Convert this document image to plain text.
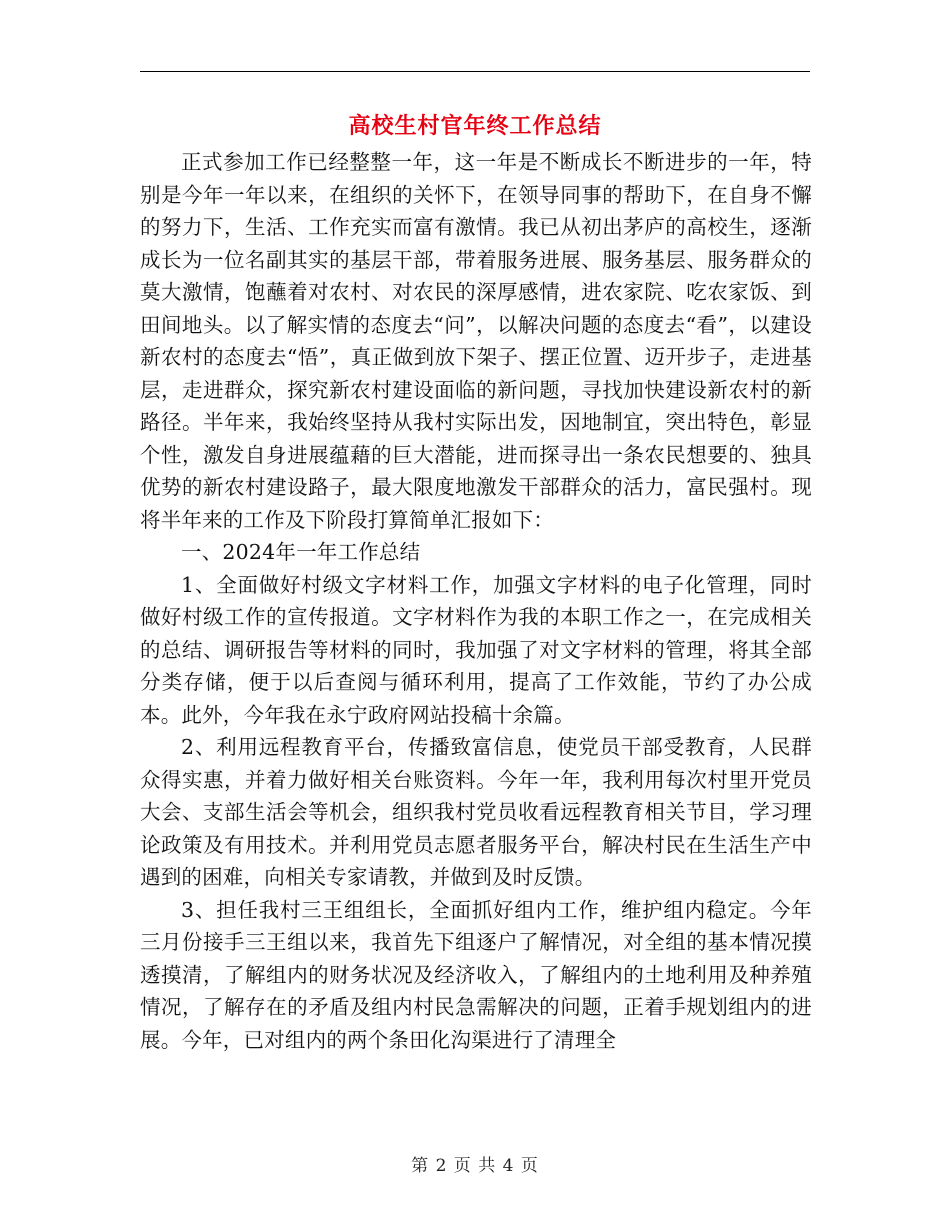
高校生村官年终工作总结

正式参加工作已经整整一年，这一年是不断成长不断进步的一年，特别是今年一年以来，在组织的关怀下，在领导同事的帮助下，在自身不懈的努力下，生活、工作充实而富有激情。我已从初出茅庐的高校生，逐渐成长为一位名副其实的基层干部，带着服务进展、服务基层、服务群众的莫大激情，饱蘸着对农村、对农民的深厚感情，进农家院、吃农家饭、到田间地头。以了解实情的态度去“问”，以解决问题的态度去“看”，以建设新农村的态度去“悟”，真正做到放下架子、摆正位置、迈开步子，走进基层，走进群众，探究新农村建设面临的新问题，寻找加快建设新农村的新路径。半年来，我始终坚持从我村实际出发，因地制宜，突出特色，彰显个性，激发自身进展蕴藉的巨大潜能，进而探寻出一条农民想要的、独具优势的新农村建设路子，最大限度地激发干部群众的活力，富民强村。现将半年来的工作及下阶段打算简单汇报如下：

一、2024年一年工作总结

1、全面做好村级文字材料工作，加强文字材料的电子化管理，同时做好村级工作的宣传报道。文字材料作为我的本职工作之一，在完成相关的总结、调研报告等材料的同时，我加强了对文字材料的管理，将其全部分类存储，便于以后查阅与循环利用，提高了工作效能，节约了办公成本。此外，今年我在永宁政府网站投稿十余篇。

2、利用远程教育平台，传播致富信息，使党员干部受教育，人民群众得实惠，并着力做好相关台账资料。今年一年，我利用每次村里开党员大会、支部生活会等机会，组织我村党员收看远程教育相关节目，学习理论政策及有用技术。并利用党员志愿者服务平台，解决村民在生活生产中遇到的困难，向相关专家请教，并做到及时反馈。

3、担任我村三王组组长，全面抓好组内工作，维护组内稳定。今年三月份接手三王组以来，我首先下组逐户了解情况，对全组的基本情况摸透摸清，了解组内的财务状况及经济收入，了解组内的土地利用及种养殖情况，了解存在的矛盾及组内村民急需解决的问题，正着手规划组内的进展。今年，已对组内的两个条田化沟渠进行了清理全

第 2 页 共 4 页
